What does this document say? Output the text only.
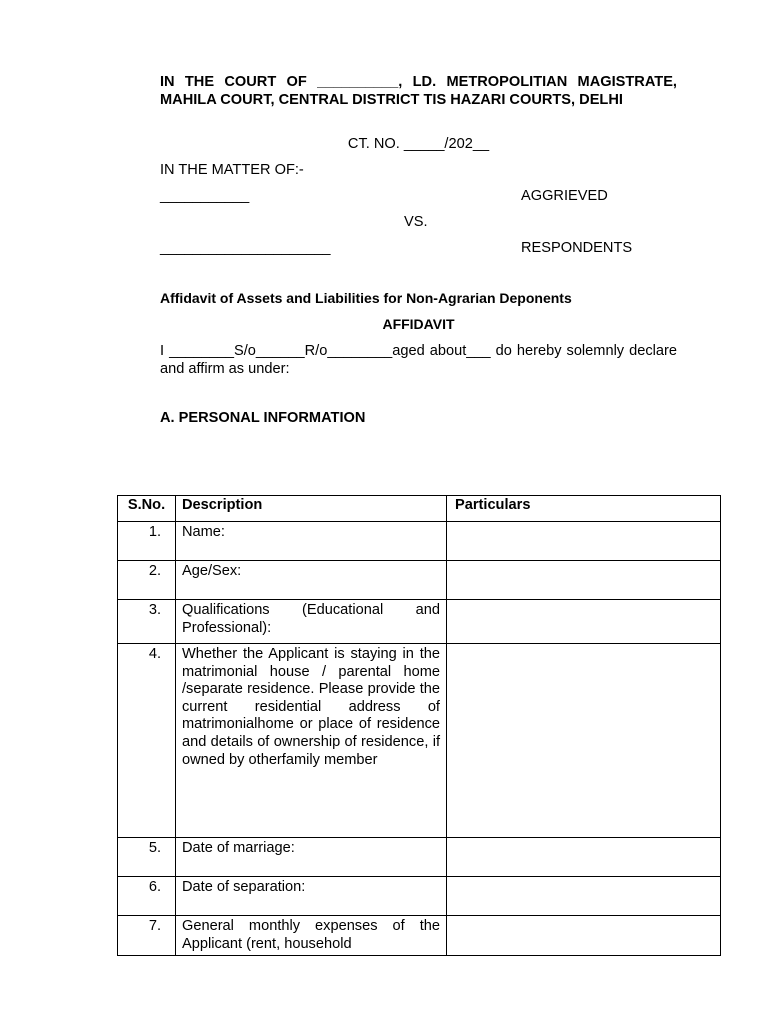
IN THE COURT OF __________, LD. METROPOLITIAN MAGISTRATE, MAHILA COURT, CENTRAL DISTRICT TIS HAZARI COURTS, DELHI
CT. NO. _____/202__
IN THE MATTER OF:-
___________	AGGRIEVED
VS.
_____________________	RESPONDENTS
Affidavit of Assets and Liabilities for Non-Agrarian Deponents
AFFIDAVIT
I ________S/o______R/o________aged about___ do hereby solemnly declare and affirm as under:
A. PERSONAL INFORMATION
S.No.	Description	Particulars
1.	Name:	
2.	Age/Sex:	
3.	Qualifications (Educational and Professional):	
4.	Whether the Applicant is staying in the matrimonial house / parental home /separate residence. Please provide the current residential address of matrimonialhome or place of residence and details of ownership of residence, if owned by otherfamily member	
5.	Date of marriage:	
6.	Date of separation:	
7.	General monthly expenses of the Applicant (rent, household	
